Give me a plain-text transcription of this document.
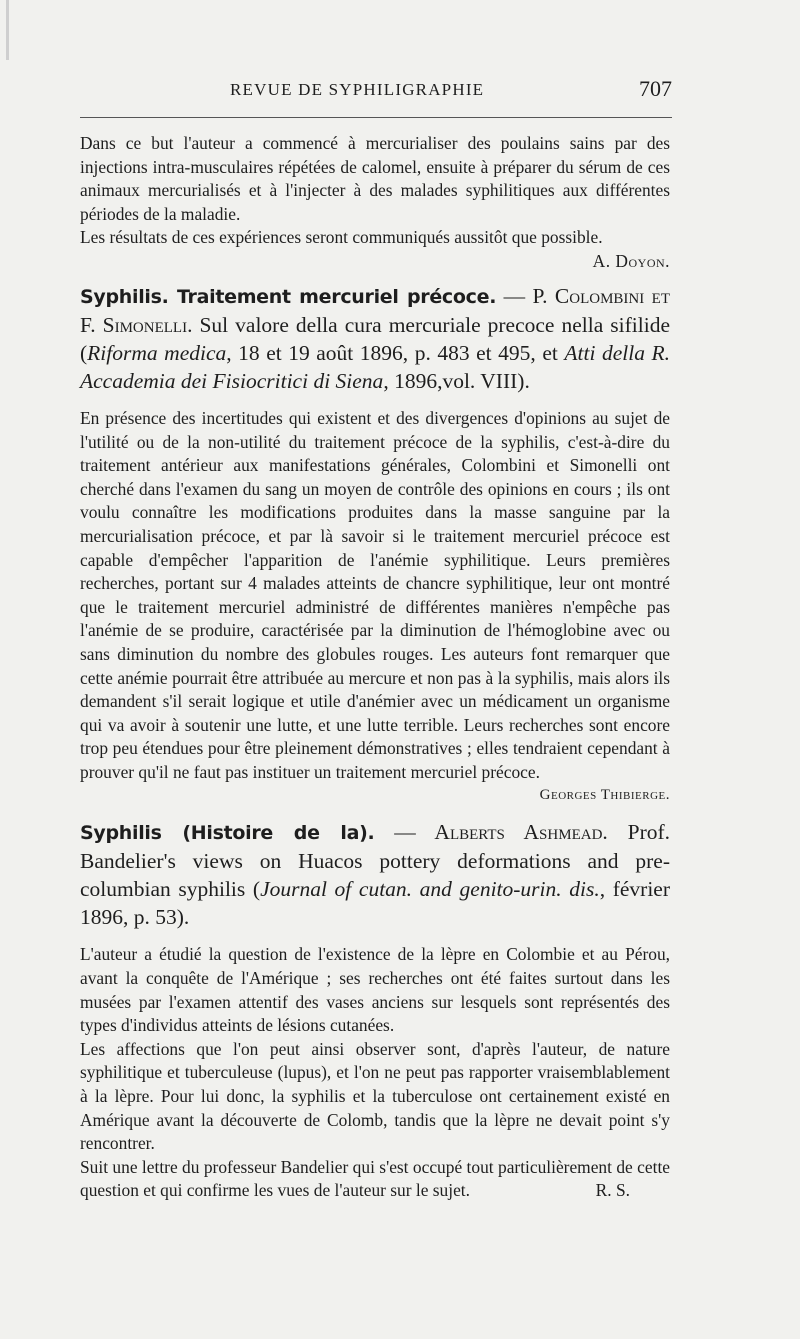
REVUE DE SYPHILIGRAPHIE	707

Dans ce but l'auteur a commencé à mercurialiser des poulains sains par des injections intra-musculaires répétées de calomel, ensuite à préparer du sérum de ces animaux mercurialisés et à l'injecter à des malades syphilitiques aux différentes périodes de la maladie.

Les résultats de ces expériences seront communiqués aussitôt que possible.
A. Doyon.

Syphilis. Traitement mercuriel précoce. — P. Colombini et F. Simonelli. Sul valore della cura mercuriale precoce nella sifilide (Riforma medica, 18 et 19 août 1896, p. 483 et 495, et Atti della R. Accademia dei Fisiocritici di Siena, 1896,vol. VIII).

En présence des incertitudes qui existent et des divergences d'opinions au sujet de l'utilité ou de la non-utilité du traitement précoce de la syphilis, c'est-à-dire du traitement antérieur aux manifestations générales, Colombini et Simonelli ont cherché dans l'examen du sang un moyen de contrôle des opinions en cours ; ils ont voulu connaître les modifications produites dans la masse sanguine par la mercurialisation précoce, et par là savoir si le traitement mercuriel précoce est capable d'empêcher l'apparition de l'anémie syphilitique. Leurs premières recherches, portant sur 4 malades atteints de chancre syphilitique, leur ont montré que le traitement mercuriel administré de différentes manières n'empêche pas l'anémie de se produire, caractérisée par la diminution de l'hémoglobine avec ou sans diminution du nombre des globules rouges. Les auteurs font remarquer que cette anémie pourrait être attribuée au mercure et non pas à la syphilis, mais alors ils demandent s'il serait logique et utile d'anémier avec un médicament un organisme qui va avoir à soutenir une lutte, et une lutte terrible. Leurs recherches sont encore trop peu étendues pour être pleinement démonstratives ; elles tendraient cependant à prouver qu'il ne faut pas instituer un traitement mercuriel précoce.
Georges Thibierge.

Syphilis (Histoire de la). — Alberts Ashmead. Prof. Bandelier's views on Huacos pottery deformations and pre-columbian syphilis (Journal of cutan. and genito-urin. dis., février 1896, p. 53).

L'auteur a étudié la question de l'existence de la lèpre en Colombie et au Pérou, avant la conquête de l'Amérique ; ses recherches ont été faites surtout dans les musées par l'examen attentif des vases anciens sur lesquels sont représentés des types d'individus atteints de lésions cutanées.

Les affections que l'on peut ainsi observer sont, d'après l'auteur, de nature syphilitique et tuberculeuse (lupus), et l'on ne peut pas rapporter vraisemblablement à la lèpre. Pour lui donc, la syphilis et la tuberculose ont certainement existé en Amérique avant la découverte de Colomb, tandis que la lèpre ne devait point s'y rencontrer.

Suit une lettre du professeur Bandelier qui s'est occupé tout particulièrement de cette question et qui confirme les vues de l'auteur sur le sujet.	R. S.
